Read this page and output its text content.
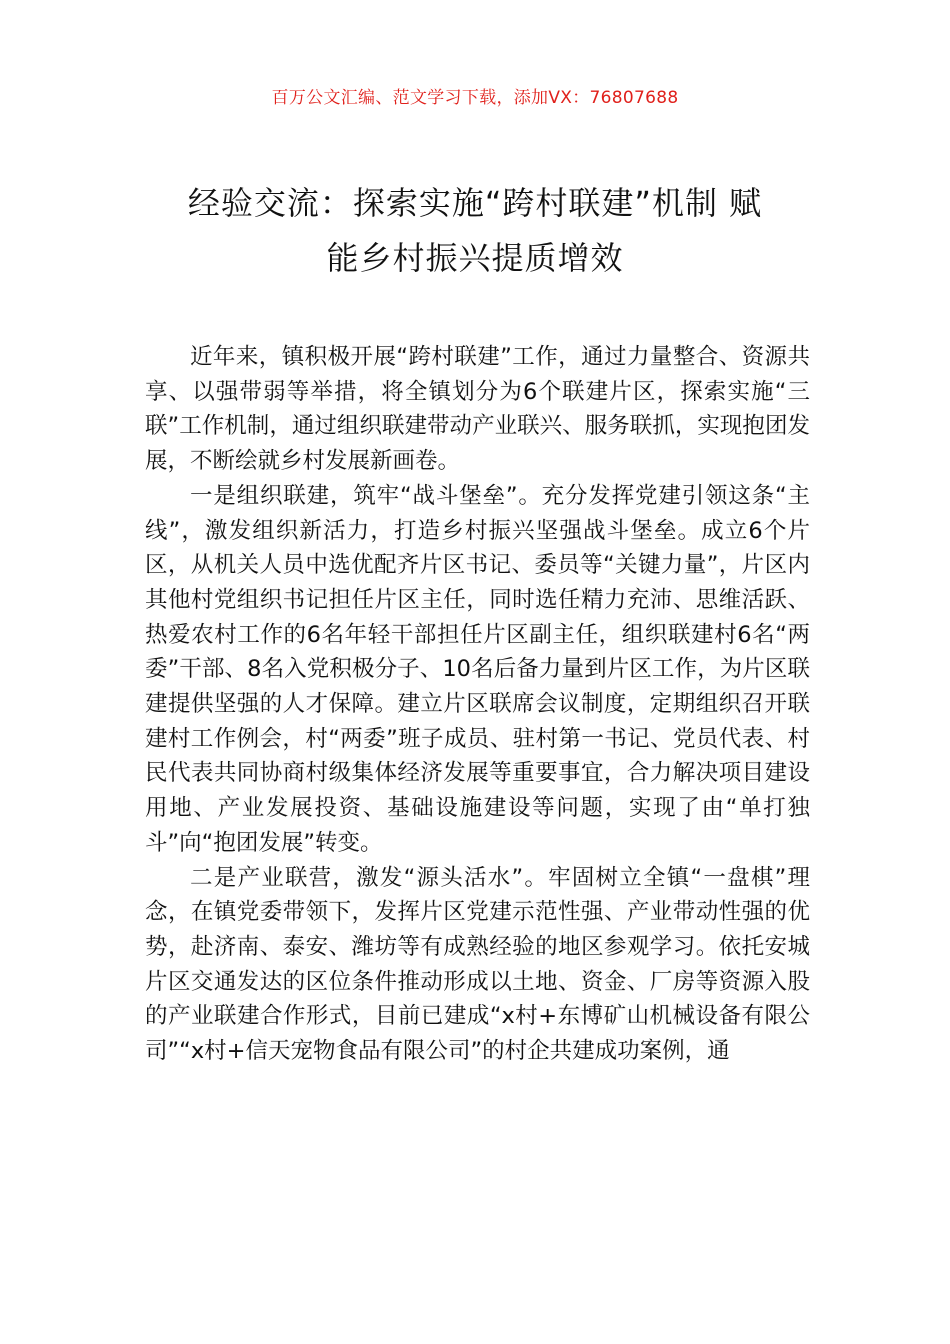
百万公文汇编、范文学习下载，添加VX：76807688
经验交流：探索实施“跨村联建”机制 赋
能乡村振兴提质增效

近年来，镇积极开展“跨村联建”工作，通过力量整合、资源共享、以强带弱等举措，将全镇划分为6个联建片区，探索实施“三联”工作机制，通过组织联建带动产业联兴、服务联抓，实现抱团发展，不断绘就乡村发展新画卷。

一是组织联建，筑牢“战斗堡垒”。充分发挥党建引领这条“主线”，激发组织新活力，打造乡村振兴坚强战斗堡垒。成立6个片区，从机关人员中选优配齐片区书记、委员等“关键力量”，片区内其他村党组织书记担任片区主任，同时选任精力充沛、思维活跃、热爱农村工作的6名年轻干部担任片区副主任，组织联建村6名“两委”干部、8名入党积极分子、10名后备力量到片区工作，为片区联建提供坚强的人才保障。建立片区联席会议制度，定期组织召开联建村工作例会，村“两委”班子成员、驻村第一书记、党员代表、村民代表共同协商村级集体经济发展等重要事宜，合力解决项目建设用地、产业发展投资、基础设施建设等问题，实现了由“单打独斗”向“抱团发展”转变。

二是产业联营，激发“源头活水”。牢固树立全镇“一盘棋”理念，在镇党委带领下，发挥片区党建示范性强、产业带动性强的优势，赴济南、泰安、潍坊等有成熟经验的地区参观学习。依托安城片区交通发达的区位条件推动形成以土地、资金、厂房等资源入股的产业联建合作形式，目前已建成“x村+东博矿山机械设备有限公司”“x村+信天宠物食品有限公司”的村企共建成功案例，通
